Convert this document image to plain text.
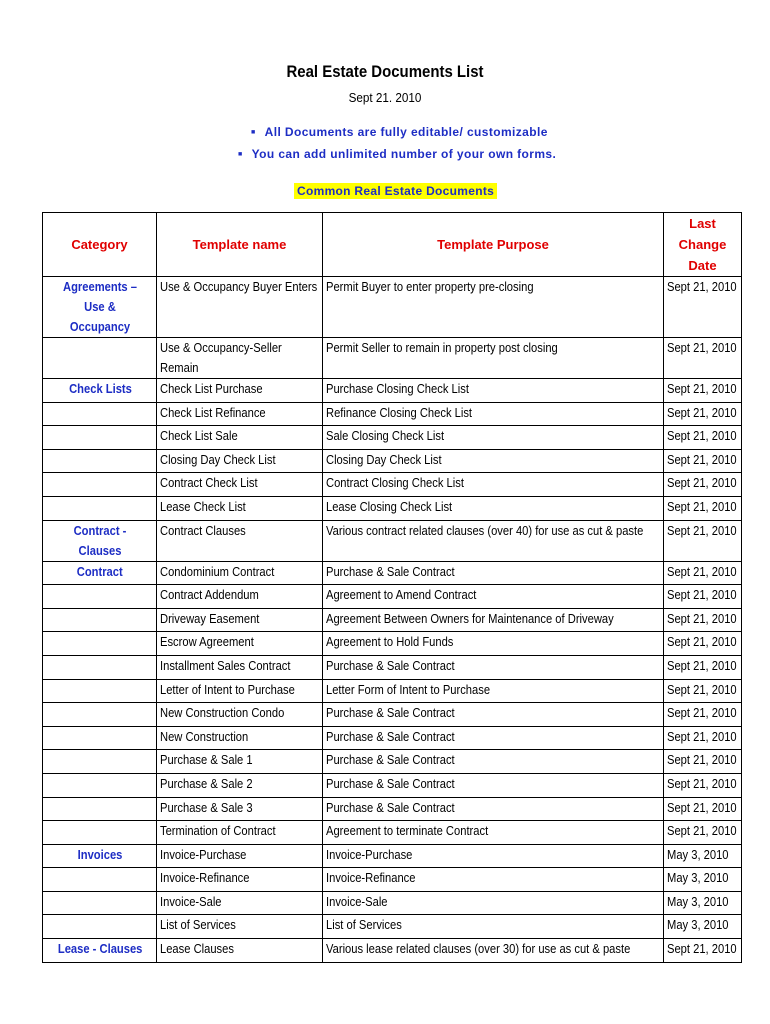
Real Estate Documents List
Sept 21. 2010
■ All Documents are fully editable/ customizable
■ You can add unlimited number of your own forms.
Common Real Estate Documents
Category	Template name	Template Purpose	Last Change Date
Agreements – Use & Occupancy	Use & Occupancy Buyer Enters	Permit Buyer to enter property pre-closing	Sept 21, 2010
	Use & Occupancy-Seller Remain	Permit Seller to remain in property post closing	Sept 21, 2010
Check Lists	Check List Purchase	Purchase Closing Check List	Sept 21, 2010
	Check List Refinance	Refinance Closing Check List	Sept 21, 2010
	Check List Sale	Sale Closing Check List	Sept 21, 2010
	Closing Day Check List	Closing Day Check List	Sept 21, 2010
	Contract Check List	Contract Closing Check List	Sept 21, 2010
	Lease Check List	Lease Closing Check List	Sept 21, 2010
Contract - Clauses	Contract Clauses	Various contract related clauses (over 40) for use as cut & paste	Sept 21, 2010
Contract	Condominium Contract	Purchase & Sale Contract	Sept 21, 2010
	Contract Addendum	Agreement to Amend Contract	Sept 21, 2010
	Driveway Easement	Agreement Between Owners for Maintenance of Driveway	Sept 21, 2010
	Escrow Agreement	Agreement to Hold Funds	Sept 21, 2010
	Installment Sales Contract	Purchase & Sale Contract	Sept 21, 2010
	Letter of Intent to Purchase	Letter Form of Intent to Purchase	Sept 21, 2010
	New Construction Condo	Purchase & Sale Contract	Sept 21, 2010
	New Construction	Purchase & Sale Contract	Sept 21, 2010
	Purchase & Sale 1	Purchase & Sale Contract	Sept 21, 2010
	Purchase & Sale 2	Purchase & Sale Contract	Sept 21, 2010
	Purchase & Sale 3	Purchase & Sale Contract	Sept 21, 2010
	Termination of Contract	Agreement to terminate Contract	Sept 21, 2010
Invoices	Invoice-Purchase	Invoice-Purchase	May 3, 2010
	Invoice-Refinance	Invoice-Refinance	May 3, 2010
	Invoice-Sale	Invoice-Sale	May 3, 2010
	List of Services	List of Services	May 3, 2010
Lease - Clauses	Lease Clauses	Various lease related clauses (over 30) for use as cut & paste	Sept 21, 2010
